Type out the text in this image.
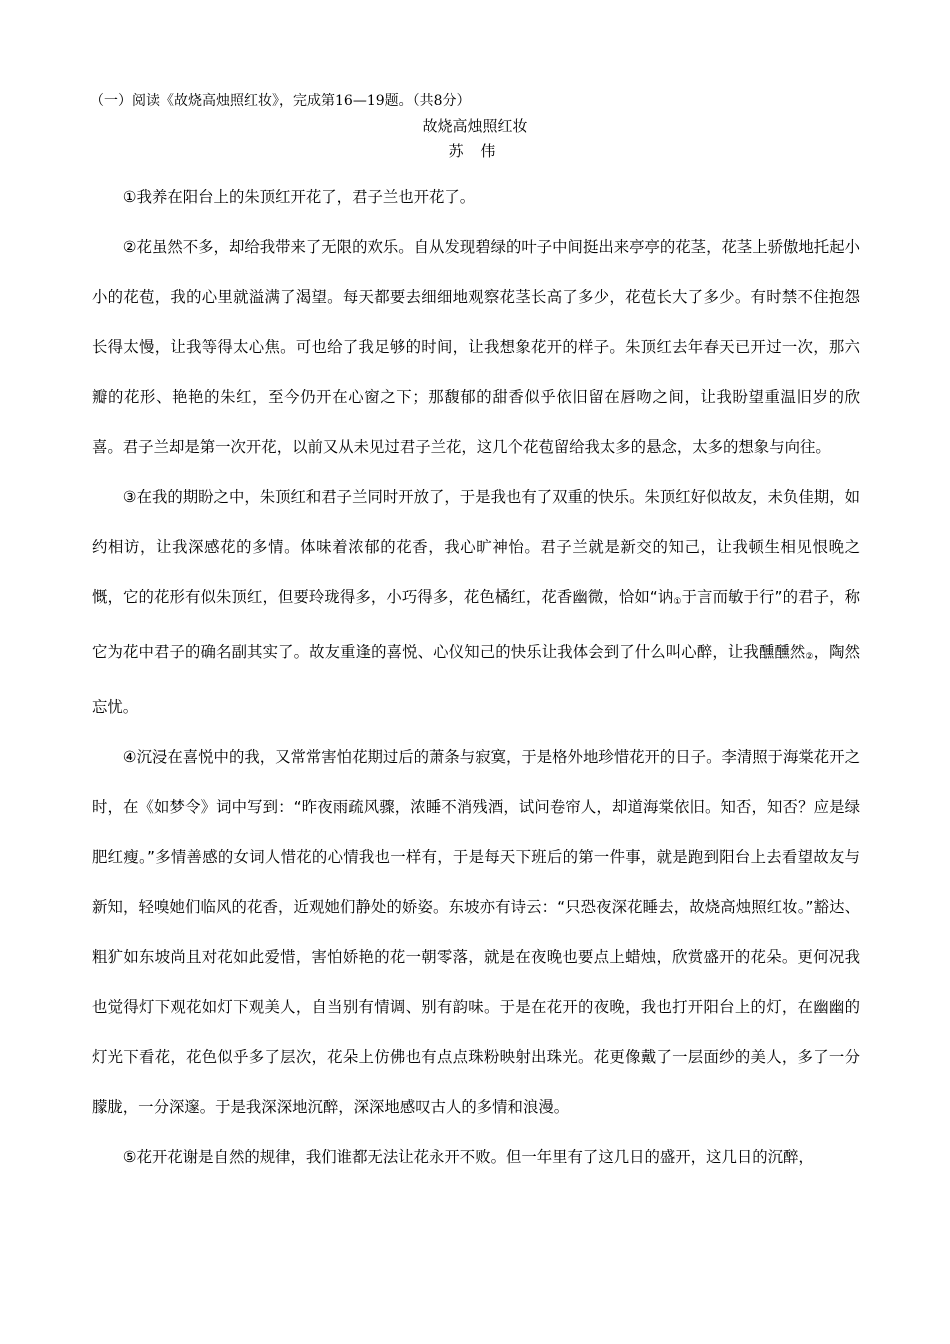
（一）阅读《故烧高烛照红妆》，完成第16—19题。（共8分）
故烧高烛照红妆
苏 伟

①我养在阳台上的朱顶红开花了，君子兰也开花了。

②花虽然不多，却给我带来了无限的欢乐。自从发现碧绿的叶子中间挺出来亭亭的花茎，花茎上骄傲地托起小小的花苞，我的心里就溢满了渴望。每天都要去细细地观察花茎长高了多少，花苞长大了多少。有时禁不住抱怨长得太慢，让我等得太心焦。可也给了我足够的时间，让我想象花开的样子。朱顶红去年春天已开过一次，那六瓣的花形、艳艳的朱红，至今仍开在心窗之下；那馥郁的甜香似乎依旧留在唇吻之间，让我盼望重温旧岁的欣喜。君子兰却是第一次开花，以前又从未见过君子兰花，这几个花苞留给我太多的悬念，太多的想象与向往。

③在我的期盼之中，朱顶红和君子兰同时开放了，于是我也有了双重的快乐。朱顶红好似故友，未负佳期，如约相访，让我深感花的多情。体味着浓郁的花香，我心旷神怡。君子兰就是新交的知己，让我顿生相见恨晚之慨，它的花形有似朱顶红，但要玲珑得多，小巧得多，花色橘红，花香幽微，恰如“讷$_①$于言而敏于行”的君子，称它为花中君子的确名副其实了。故友重逢的喜悦、心仪知己的快乐让我体会到了什么叫心醉，让我醺醺然$_②$，陶然忘忧。

④沉浸在喜悦中的我，又常常害怕花期过后的萧条与寂寞，于是格外地珍惜花开的日子。李清照于海棠花开之时，在《如梦令》词中写到：“昨夜雨疏风骤，浓睡不消残酒，试问卷帘人，却道海棠依旧。知否，知否？应是绿肥红瘦。”多情善感的女词人惜花的心情我也一样有，于是每天下班后的第一件事，就是跑到阳台上去看望故友与新知，轻嗅她们临风的花香，近观她们静处的娇姿。东坡亦有诗云：“只恐夜深花睡去，故烧高烛照红妆。”豁达、粗犷如东坡尚且对花如此爱惜，害怕娇艳的花一朝零落，就是在夜晚也要点上蜡烛，欣赏盛开的花朵。更何况我也觉得灯下观花如灯下观美人，自当别有情调、别有韵味。于是在花开的夜晚，我也打开阳台上的灯，在幽幽的灯光下看花，花色似乎多了层次，花朵上仿佛也有点点珠粉映射出珠光。花更像戴了一层面纱的美人，多了一分朦胧，一分深邃。于是我深深地沉醉，深深地感叹古人的多情和浪漫。

⑤花开花谢是自然的规律，我们谁都无法让花永开不败。但一年里有了这几日的盛开，这几日的沉醉，
